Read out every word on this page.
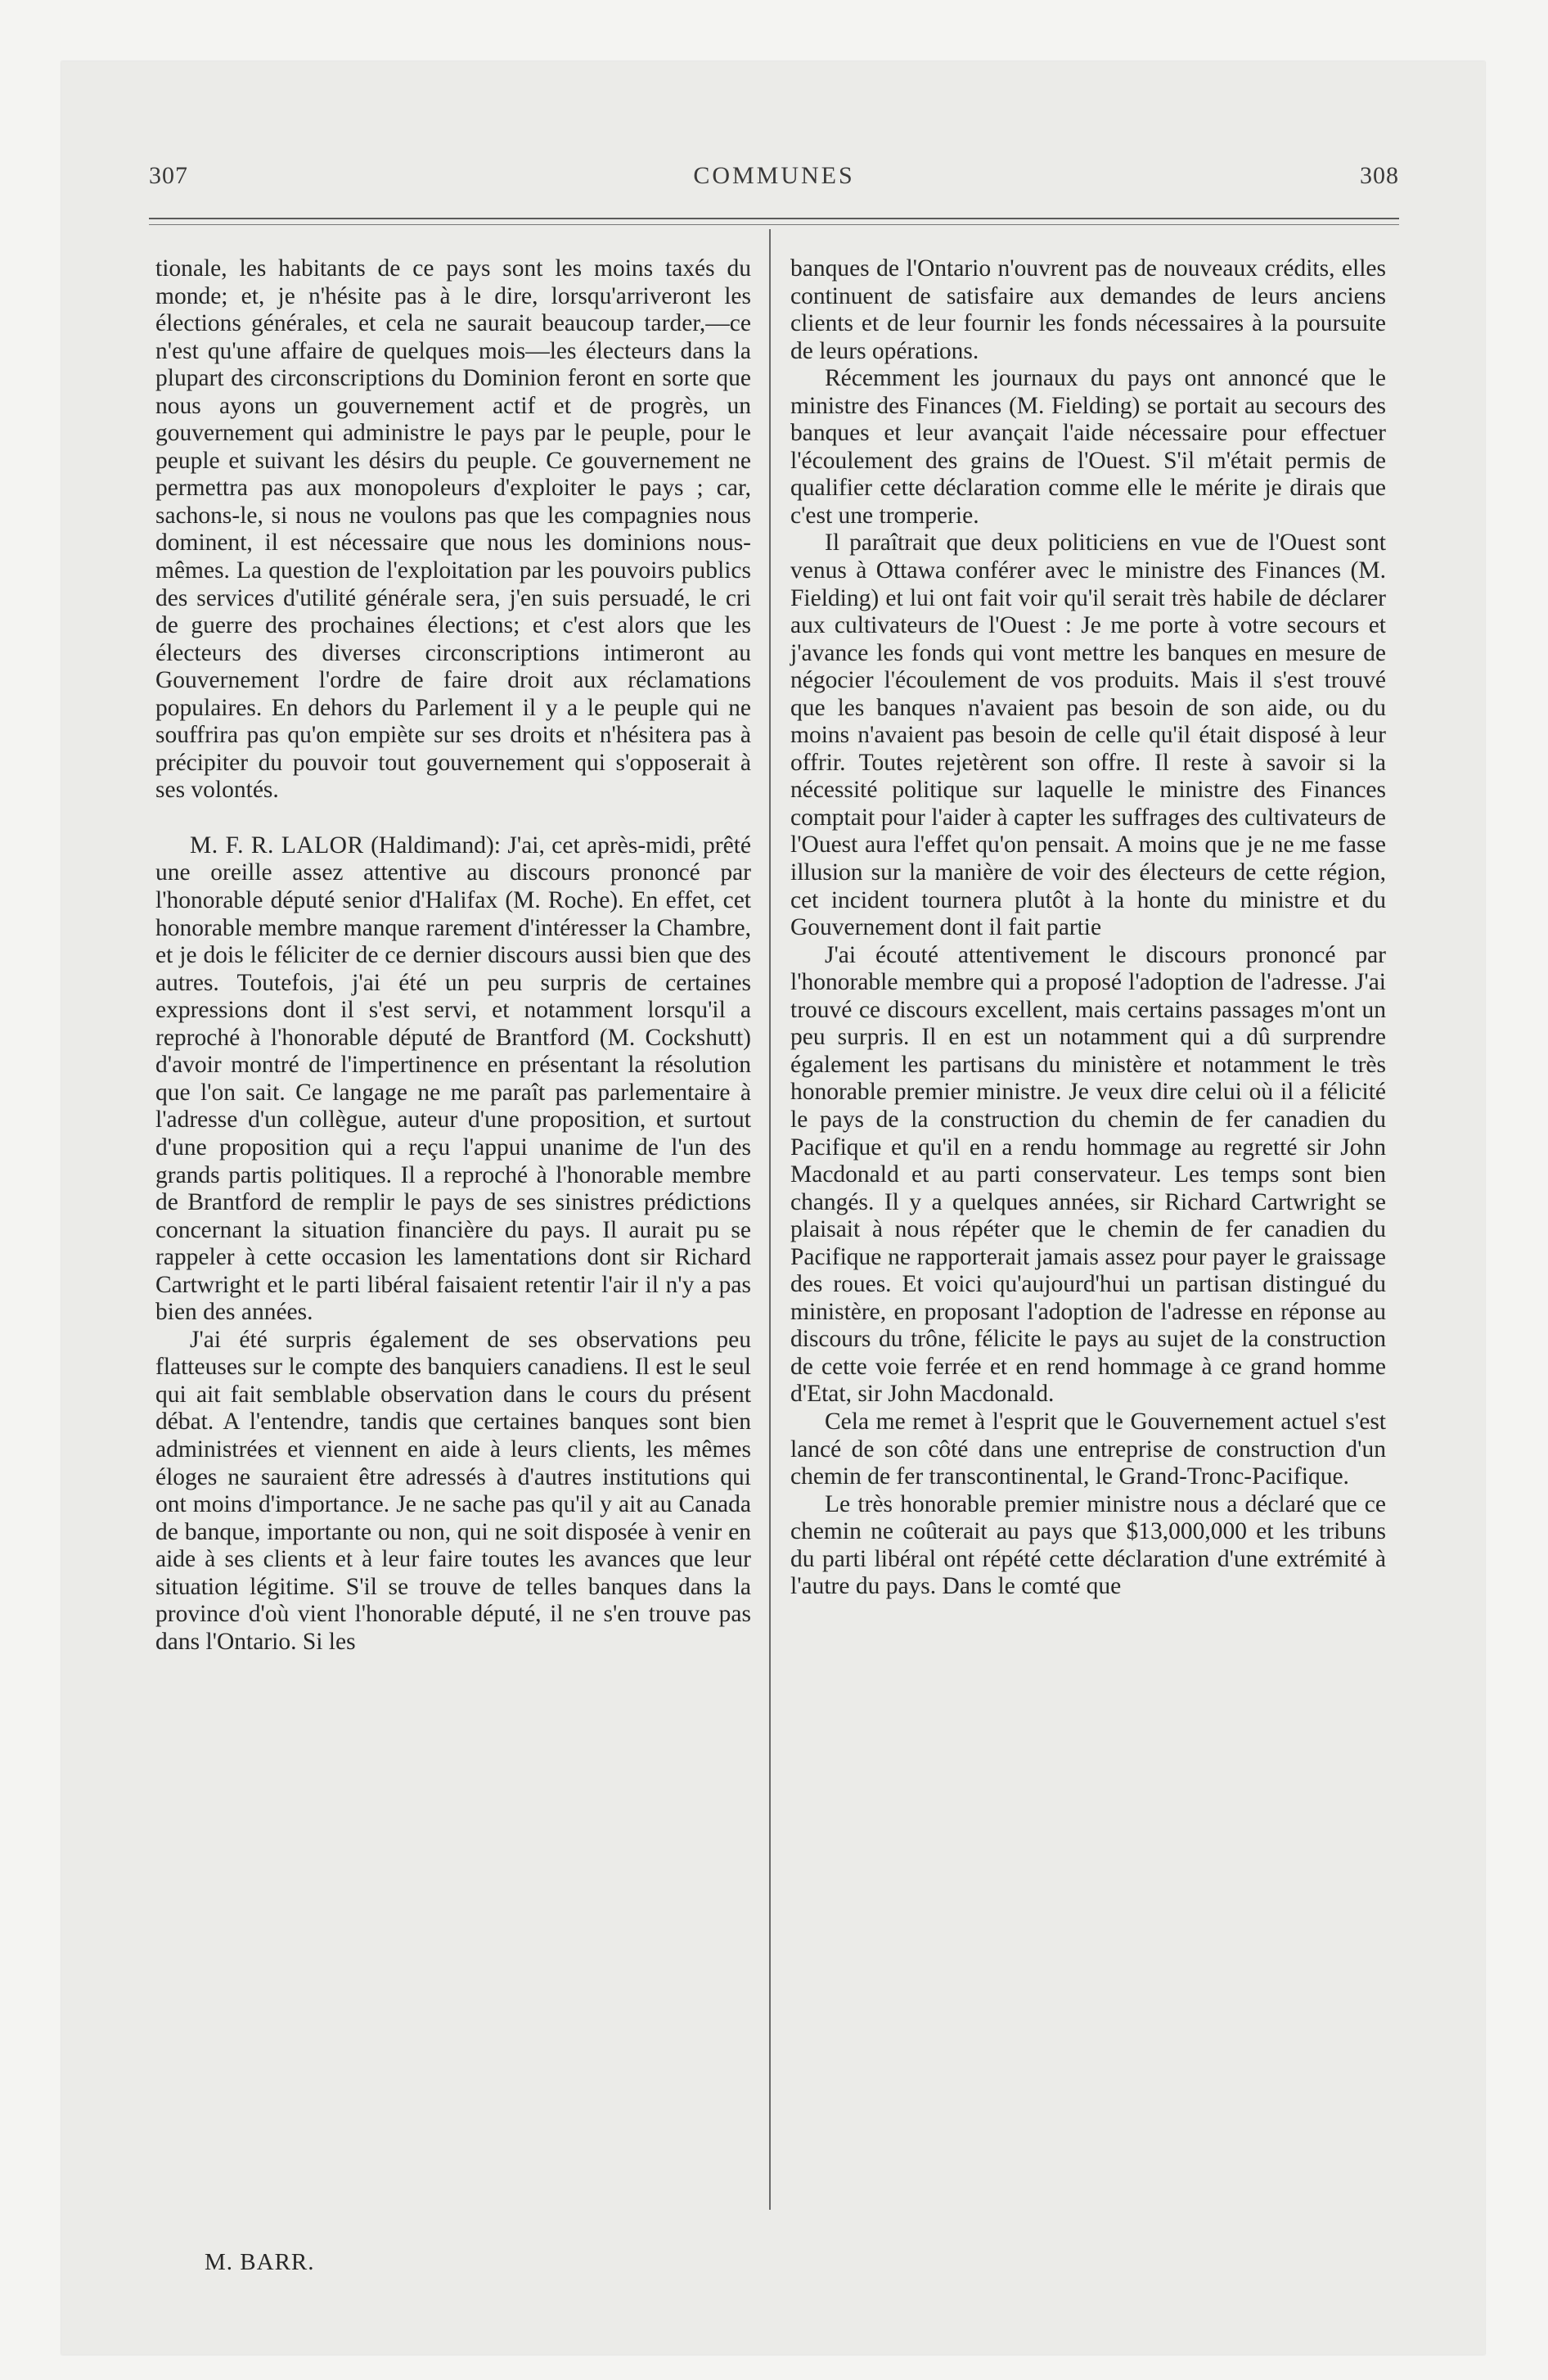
307	COMMUNES	308

tionale, les habitants de ce pays sont les moins taxés du monde; et, je n'hésite pas à le dire, lorsqu'arriveront les élections générales, et cela ne saurait beaucoup tarder,—ce n'est qu'une affaire de quelques mois—les électeurs dans la plupart des circonscriptions du Dominion feront en sorte que nous ayons un gouvernement actif et de progrès, un gouvernement qui administre le pays par le peuple, pour le peuple et suivant les désirs du peuple. Ce gouvernement ne permettra pas aux monopoleurs d'exploiter le pays ; car, sachons-le, si nous ne voulons pas que les compagnies nous dominent, il est nécessaire que nous les dominions nous-mêmes. La question de l'exploitation par les pouvoirs publics des services d'utilité générale sera, j'en suis persuadé, le cri de guerre des prochaines élections; et c'est alors que les électeurs des diverses circonscriptions intimeront au Gouvernement l'ordre de faire droit aux réclamations populaires. En dehors du Parlement il y a le peuple qui ne souffrira pas qu'on empiète sur ses droits et n'hésitera pas à précipiter du pouvoir tout gouvernement qui s'opposerait à ses volontés.

M. F. R. LALOR (Haldimand): J'ai, cet après-midi, prêté une oreille assez attentive au discours prononcé par l'honorable député senior d'Halifax (M. Roche). En effet, cet honorable membre manque rarement d'intéresser la Chambre, et je dois le féliciter de ce dernier discours aussi bien que des autres. Toutefois, j'ai été un peu surpris de certaines expressions dont il s'est servi, et notamment lorsqu'il a reproché à l'honorable député de Brantford (M. Cockshutt) d'avoir montré de l'impertinence en présentant la résolution que l'on sait. Ce langage ne me paraît pas parlementaire à l'adresse d'un collègue, auteur d'une proposition, et surtout d'une proposition qui a reçu l'appui unanime de l'un des grands partis politiques. Il a reproché à l'honorable membre de Brantford de remplir le pays de ses sinistres prédictions concernant la situation financière du pays. Il aurait pu se rappeler à cette occasion les lamentations dont sir Richard Cartwright et le parti libéral faisaient retentir l'air il n'y a pas bien des années.

J'ai été surpris également de ses observations peu flatteuses sur le compte des banquiers canadiens. Il est le seul qui ait fait semblable observation dans le cours du présent débat. A l'entendre, tandis que certaines banques sont bien administrées et viennent en aide à leurs clients, les mêmes éloges ne sauraient être adressés à d'autres institutions qui ont moins d'importance. Je ne sache pas qu'il y ait au Canada de banque, importante ou non, qui ne soit disposée à venir en aide à ses clients et à leur faire toutes les avances que leur situation légitime. S'il se trouve de telles banques dans la province d'où vient l'honorable député, il ne s'en trouve pas dans l'Ontario. Si les

banques de l'Ontario n'ouvrent pas de nouveaux crédits, elles continuent de satisfaire aux demandes de leurs anciens clients et de leur fournir les fonds nécessaires à la poursuite de leurs opérations.

Récemment les journaux du pays ont annoncé que le ministre des Finances (M. Fielding) se portait au secours des banques et leur avançait l'aide nécessaire pour effectuer l'écoulement des grains de l'Ouest. S'il m'était permis de qualifier cette déclaration comme elle le mérite je dirais que c'est une tromperie.

Il paraîtrait que deux politiciens en vue de l'Ouest sont venus à Ottawa conférer avec le ministre des Finances (M. Fielding) et lui ont fait voir qu'il serait très habile de déclarer aux cultivateurs de l'Ouest : Je me porte à votre secours et j'avance les fonds qui vont mettre les banques en mesure de négocier l'écoulement de vos produits. Mais il s'est trouvé que les banques n'avaient pas besoin de son aide, ou du moins n'avaient pas besoin de celle qu'il était disposé à leur offrir. Toutes rejetèrent son offre. Il reste à savoir si la nécessité politique sur laquelle le ministre des Finances comptait pour l'aider à capter les suffrages des cultivateurs de l'Ouest aura l'effet qu'on pensait. A moins que je ne me fasse illusion sur la manière de voir des électeurs de cette région, cet incident tournera plutôt à la honte du ministre et du Gouvernement dont il fait partie

J'ai écouté attentivement le discours prononcé par l'honorable membre qui a proposé l'adoption de l'adresse. J'ai trouvé ce discours excellent, mais certains passages m'ont un peu surpris. Il en est un notamment qui a dû surprendre également les partisans du ministère et notamment le très honorable premier ministre. Je veux dire celui où il a félicité le pays de la construction du chemin de fer canadien du Pacifique et qu'il en a rendu hommage au regretté sir John Macdonald et au parti conservateur. Les temps sont bien changés. Il y a quelques années, sir Richard Cartwright se plaisait à nous répéter que le chemin de fer canadien du Pacifique ne rapporterait jamais assez pour payer le graissage des roues. Et voici qu'aujourd'hui un partisan distingué du ministère, en proposant l'adoption de l'adresse en réponse au discours du trône, félicite le pays au sujet de la construction de cette voie ferrée et en rend hommage à ce grand homme d'Etat, sir John Macdonald.

Cela me remet à l'esprit que le Gouvernement actuel s'est lancé de son côté dans une entreprise de construction d'un chemin de fer transcontinental, le Grand-Tronc-Pacifique.

Le très honorable premier ministre nous a déclaré que ce chemin ne coûterait au pays que $13,000,000 et les tribuns du parti libéral ont répété cette déclaration d'une extrémité à l'autre du pays. Dans le comté que

M. BARR.
